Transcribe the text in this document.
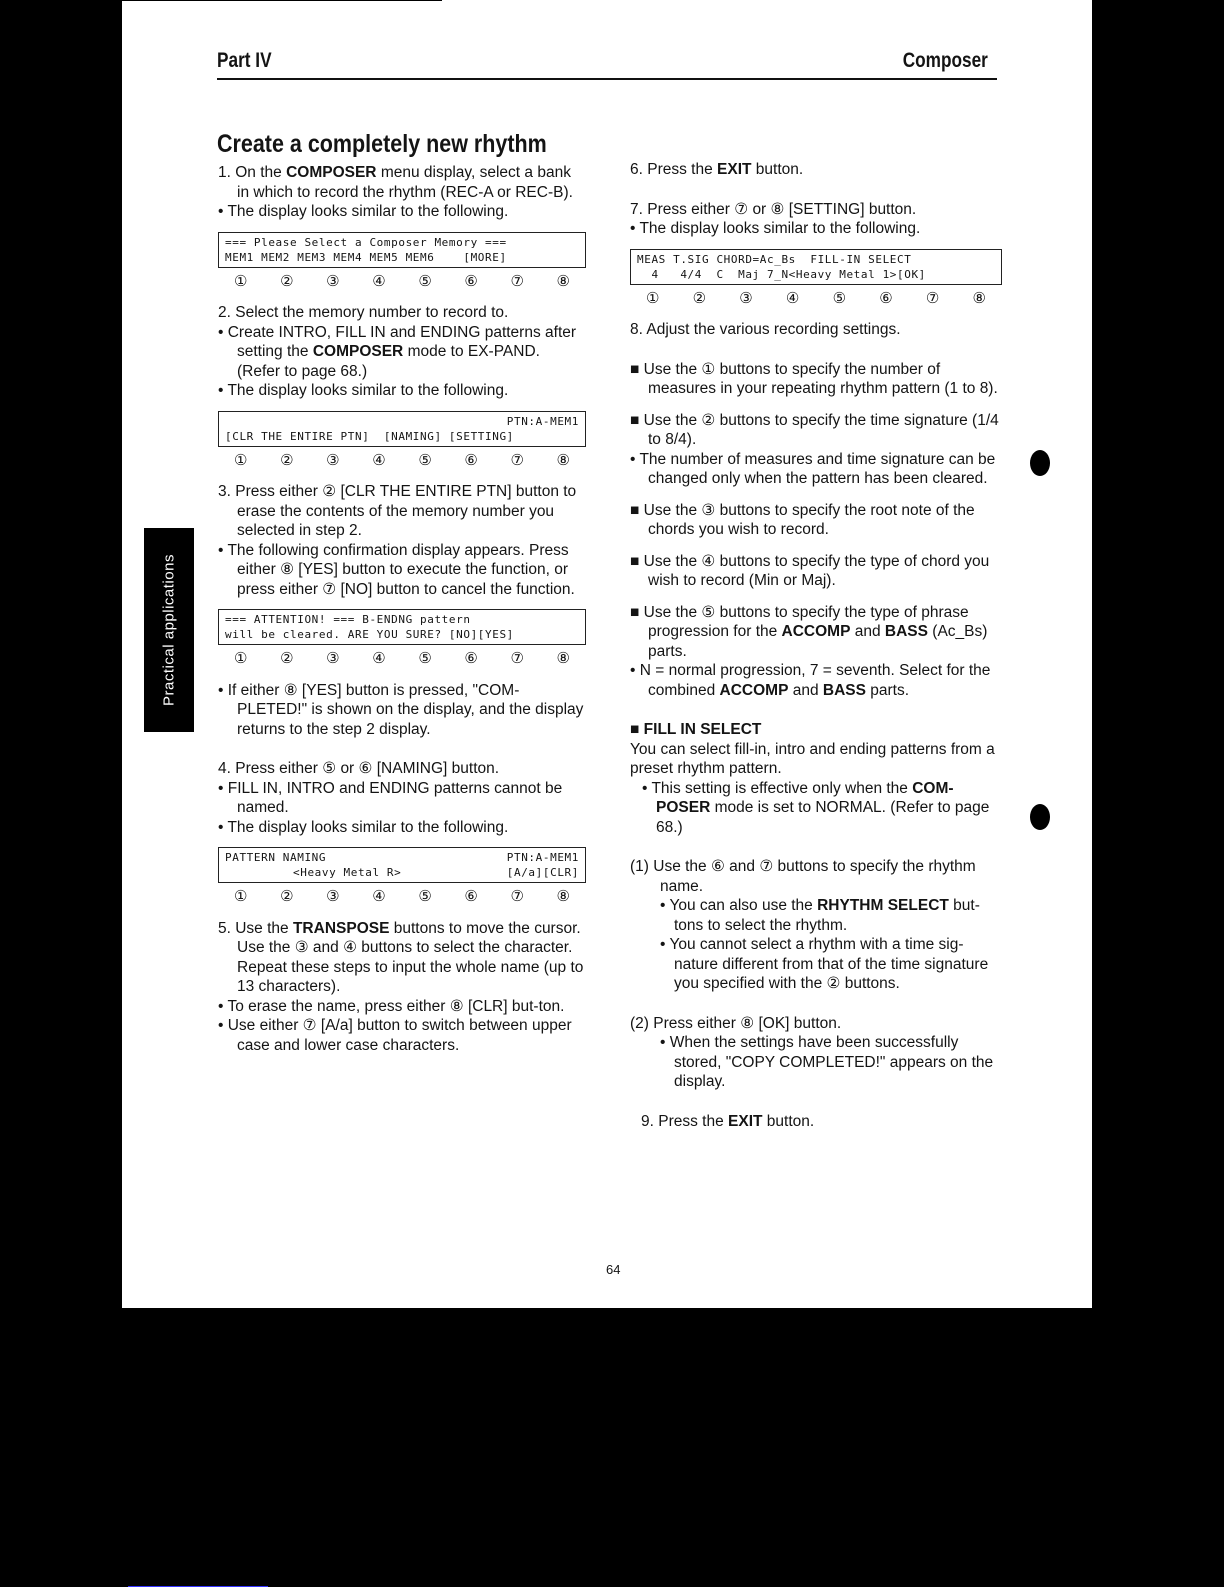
Practical applications
Part IV	Composer
Create a completely new rhythm
1. On the COMPOSER menu display, select a bank in which to record the rhythm (REC-A or REC-B).
• The display looks similar to the following.
=== Please Select a Composer Memory ===
MEM1 MEM2 MEM3 MEM4 MEM5 MEM6    [MORE]
① ② ③ ④ ⑤ ⑥ ⑦ ⑧
2. Select the memory number to record to.
• Create INTRO, FILL IN and ENDING patterns after setting the COMPOSER mode to EX-PAND. (Refer to page 68.)
• The display looks similar to the following.
PTN:A-MEM1
[CLR THE ENTIRE PTN]  [NAMING] [SETTING]
① ② ③ ④ ⑤ ⑥ ⑦ ⑧
3. Press either ② [CLR THE ENTIRE PTN] button to erase the contents of the memory number you selected in step 2.
• The following confirmation display appears. Press either ⑧ [YES] button to execute the function, or press either ⑦ [NO] button to cancel the function.
=== ATTENTION! === B-ENDNG pattern
will be cleared. ARE YOU SURE? [NO][YES]
① ② ③ ④ ⑤ ⑥ ⑦ ⑧
• If either ⑧ [YES] button is pressed, "COM-PLETED!" is shown on the display, and the display returns to the step 2 display.
4. Press either ⑤ or ⑥ [NAMING] button.
• FILL IN, INTRO and ENDING patterns cannot be named.
• The display looks similar to the following.
PATTERN NAMING	PTN:A-MEM1
<Heavy Metal R>	[A/a][CLR]
① ② ③ ④ ⑤ ⑥ ⑦ ⑧
5. Use the TRANSPOSE buttons to move the cursor. Use the ③ and ④ buttons to select the character. Repeat these steps to input the whole name (up to 13 characters).
• To erase the name, press either ⑧ [CLR] but-ton.
• Use either ⑦ [A/a] button to switch between upper case and lower case characters.
6. Press the EXIT button.
7. Press either ⑦ or ⑧ [SETTING] button.
• The display looks similar to the following.
MEAS T.SIG CHORD=Ac_Bs  FILL-IN SELECT
4   4/4  C  Maj 7_N<Heavy Metal 1>[OK]
① ② ③ ④ ⑤ ⑥ ⑦ ⑧
8. Adjust the various recording settings.
■ Use the ① buttons to specify the number of measures in your repeating rhythm pattern (1 to 8).
■ Use the ② buttons to specify the time signature (1/4 to 8/4).
• The number of measures and time signature can be changed only when the pattern has been cleared.
■ Use the ③ buttons to specify the root note of the chords you wish to record.
■ Use the ④ buttons to specify the type of chord you wish to record (Min or Maj).
■ Use the ⑤ buttons to specify the type of phrase progression for the ACCOMP and BASS (Ac_Bs) parts.
• N = normal progression, 7 = seventh. Select for the combined ACCOMP and BASS parts.
■ FILL IN SELECT
You can select fill-in, intro and ending patterns from a preset rhythm pattern.
• This setting is effective only when the COM-POSER mode is set to NORMAL. (Refer to page 68.)
(1) Use the ⑥ and ⑦ buttons to specify the rhythm name.
• You can also use the RHYTHM SELECT but-tons to select the rhythm.
• You cannot select a rhythm with a time sig-nature different from that of the time signature you specified with the ② buttons.
(2) Press either ⑧ [OK] button.
• When the settings have been successfully stored, "COPY COMPLETED!" appears on the display.
9. Press the EXIT button.
64
